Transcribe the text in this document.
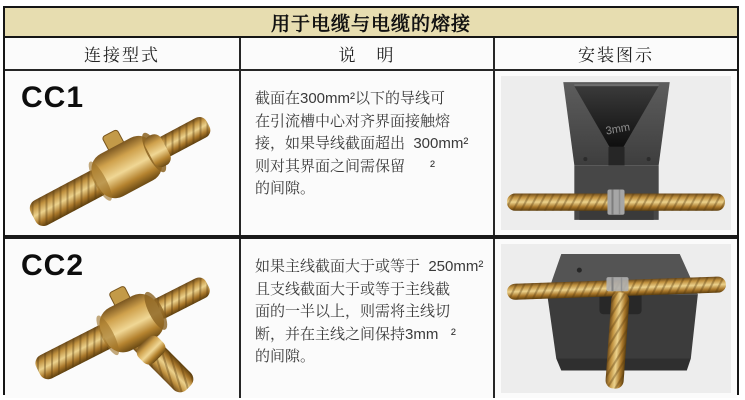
用于电缆与电缆的熔接
连接型式	说　明	安装图示
CC1	截面在300mm²以下的导线可
在引流槽中心对齐界面接触熔
接，如果导线截面超出  300mm²
则对其界面之间需保留      ²
的间隙。
3mm
CC2	如果主线截面大于或等于  250mm²
且支线截面大于或等于主线截
面的一半以上，则需将主线切
断，并在主线之间保持3mm   ²
的间隙。
